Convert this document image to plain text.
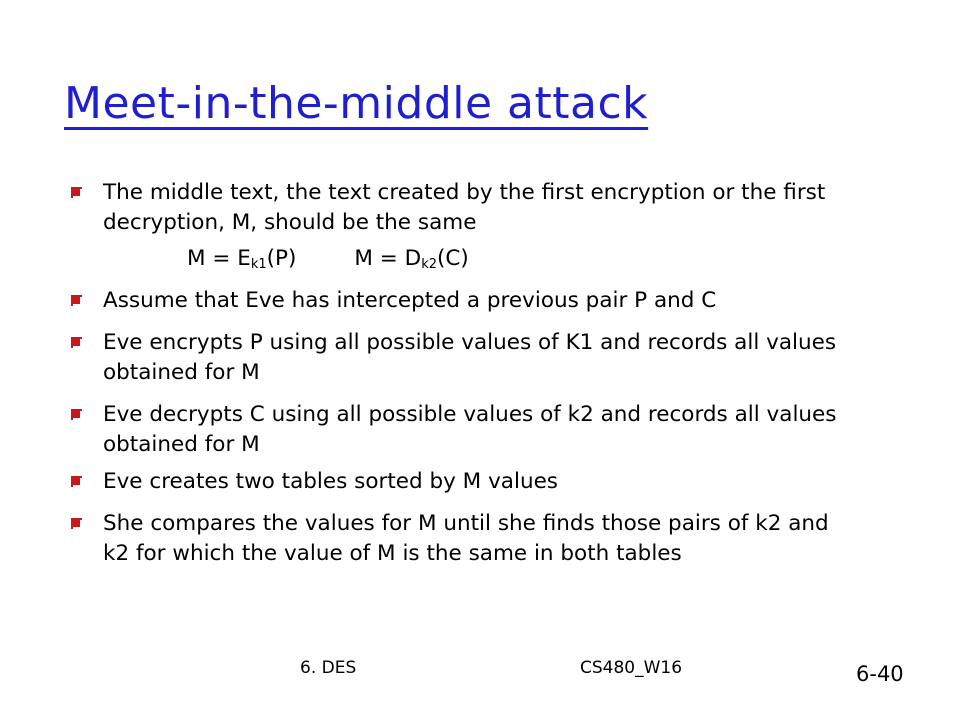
Meet-in-the-middle attack
The middle text, the text created by the first encryption or the first decryption, M, should be the same
$M = E_{k1}(P)$	$M = D_{k2}(C)$
Assume that Eve has intercepted a previous pair P and C
Eve encrypts P using all possible values of K1 and records all values obtained for M
Eve decrypts C using all possible values of k2 and records all values obtained for M
Eve creates two tables sorted by M values
She compares the values for M until she finds those pairs of k2 and k2 for which the value of M is the same in both tables
6. DES	CS480_W16	6-40
